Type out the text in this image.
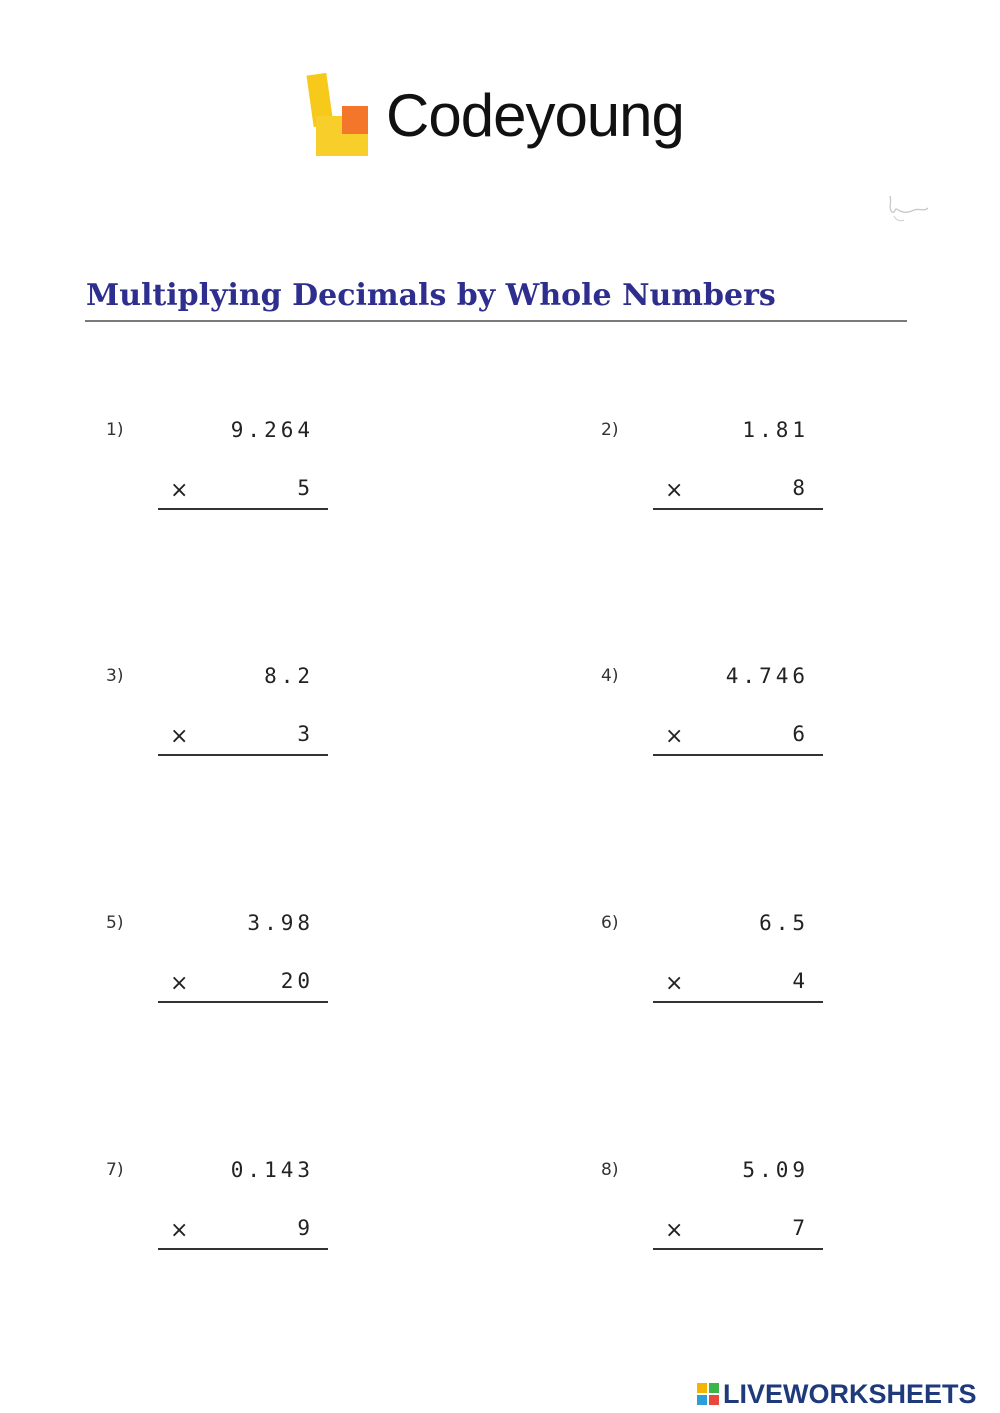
Codeyoung
Multiplying Decimals by Whole Numbers
1)	9.264
×	5
2)	1.81
×	8
3)	8.2
×	3
4)	4.746
×	6
5)	3.98
×	20
6)	6.5
×	4
7)	0.143
×	9
8)	5.09
×	7
LIVEWORKSHEETS
